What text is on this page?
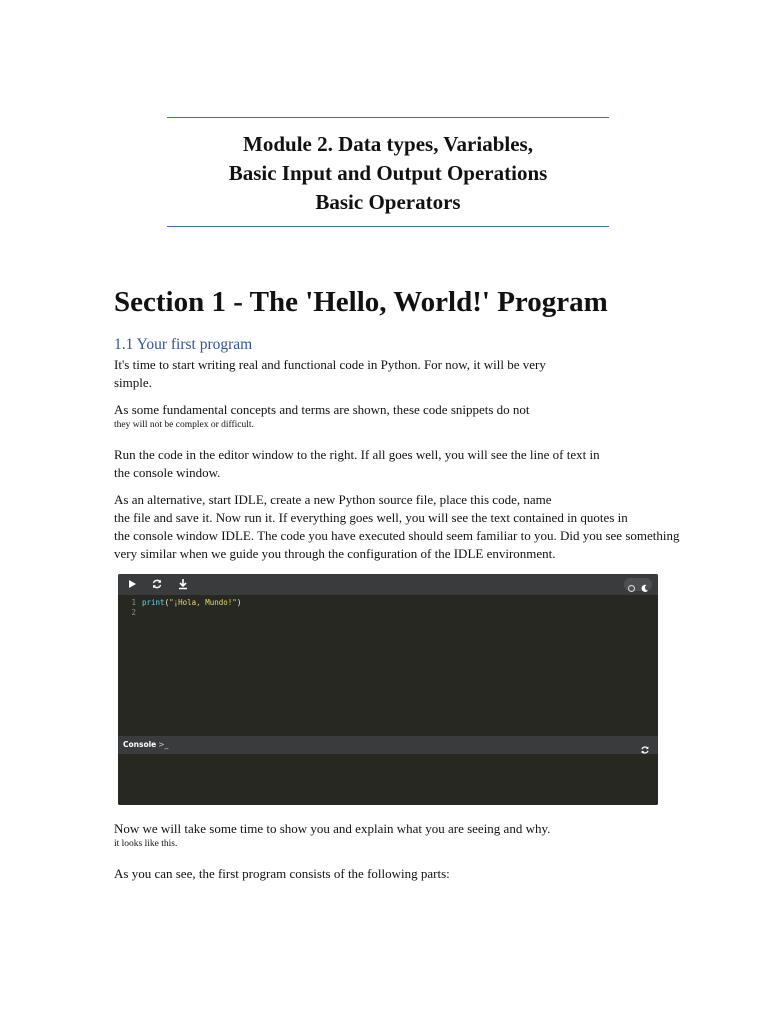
Module 2. Data types, Variables,
Basic Input and Output Operations
Basic Operators
Section 1 - The 'Hello, World!' Program
1.1 Your first program

It's time to start writing real and functional code in Python. For now, it will be very
simple.

As some fundamental concepts and terms are shown, these code snippets do not

they will not be complex or difficult.

Run the code in the editor window to the right. If all goes well, you will see the line of text in
the console window.

As an alternative, start IDLE, create a new Python source file, place this code, name
the file and save it. Now run it. If everything goes well, you will see the text contained in quotes in
the console window IDLE. The code you have executed should seem familiar to you. Did you see something
very similar when we guide you through the configuration of the IDLE environment.

1
2
print("¡Hola, Mundo!")
Console >_

Now we will take some time to show you and explain what you are seeing and why.

it looks like this.

As you can see, the first program consists of the following parts:
